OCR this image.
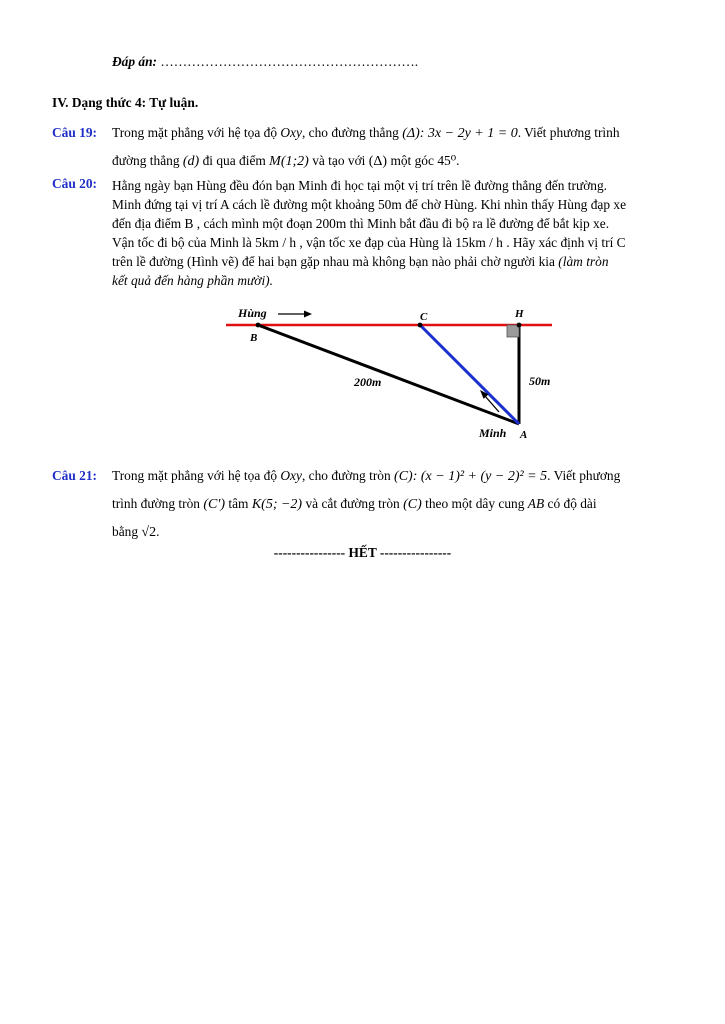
Đáp án: ………………………………………………….
IV. Dạng thức 4: Tự luận.
Câu 19: Trong mặt phẳng với hệ tọa độ Oxy, cho đường thẳng (Δ): 3x − 2y + 1 = 0. Viết phương trình
đường thẳng (d) đi qua điểm M(1;2) và tạo với (Δ) một góc 45⁰.
Câu 20: Hằng ngày bạn Hùng đều đón bạn Minh đi học tại một vị trí trên lề đường thẳng đến trường.
Minh đứng tại vị trí A cách lề đường một khoảng 50m để chờ Hùng. Khi nhìn thấy Hùng đạp xe
đến địa điểm B , cách mình một đoạn 200m thì Minh bắt đầu đi bộ ra lề đường để bắt kịp xe.
Vận tốc đi bộ của Minh là 5km / h , vận tốc xe đạp của Hùng là 15km / h . Hãy xác định vị trí C
trên lề đường (Hình vẽ) để hai bạn gặp nhau mà không bạn nào phải chờ người kia (làm tròn
kết quả đến hàng phần mười).
Hùng
B
C	H
200m	50m
Minh A
Câu 21: Trong mặt phẳng với hệ tọa độ Oxy, cho đường tròn (C): (x − 1)² + (y − 2)² = 5. Viết phương
trình đường tròn (C') tâm K(5; −2) và cắt đường tròn (C) theo một dây cung AB có độ dài
bằng √2.
---------------- HẾT ----------------
